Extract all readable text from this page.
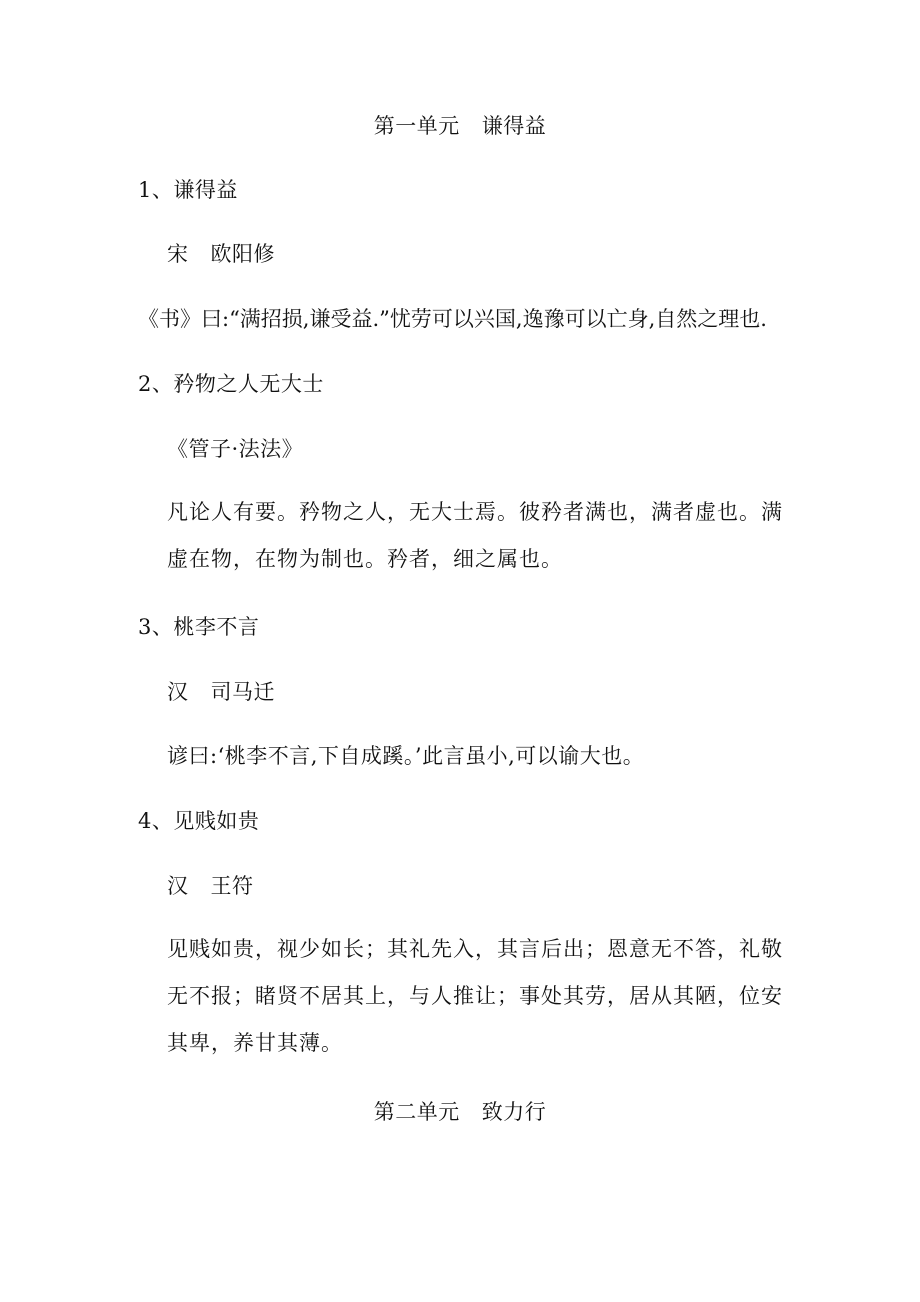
第一单元 谦得益
1、谦得益
宋 欧阳修
《书》曰:“满招损,谦受益.”忧劳可以兴国,逸豫可以亡身,自然之理也.
2、矜物之人无大士
《管子·法法》
凡论人有要。矜物之人，无大士焉。彼矜者满也，满者虚也。满虚在物，在物为制也。矜者，细之属也。
3、桃李不言
汉 司马迁
谚曰:‘桃李不言,下自成蹊。’此言虽小,可以谕大也。
4、见贱如贵
汉 王符
见贱如贵，视少如长；其礼先入，其言后出；恩意无不答，礼敬无不报；睹贤不居其上，与人推让；事处其劳，居从其陋，位安其卑，养甘其薄。
第二单元 致力行
